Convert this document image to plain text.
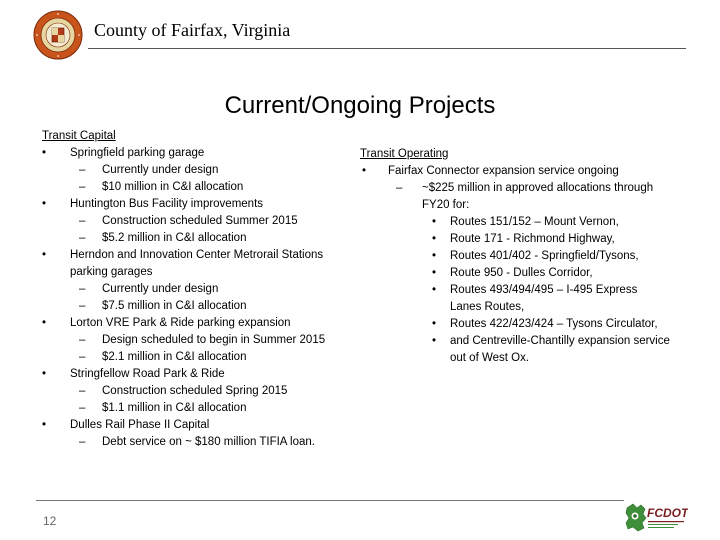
County of Fairfax, Virginia
Current/Ongoing Projects
Transit Capital
• Springfield parking garage
– Currently under design
– $10 million in C&I allocation
• Huntington Bus Facility improvements
– Construction scheduled Summer 2015
– $5.2 million in C&I allocation
• Herndon and Innovation Center Metrorail Stations parking garages
– Currently under design
– $7.5 million in C&I allocation
• Lorton VRE Park & Ride parking expansion
– Design scheduled to begin in Summer 2015
– $2.1 million in C&I allocation
• Stringfellow Road Park & Ride
– Construction scheduled Spring 2015
– $1.1 million in C&I allocation
• Dulles Rail Phase II Capital
– Debt service on ~ $180 million TIFIA loan.
Transit Operating
• Fairfax Connector expansion service ongoing
– ~$225 million in approved allocations through FY20 for:
• Routes 151/152 – Mount Vernon,
• Route 171 - Richmond Highway,
• Routes 401/402 - Springfield/Tysons,
• Route 950 - Dulles Corridor,
• Routes 493/494/495 – I-495 Express Lanes Routes,
• Routes 422/423/424 – Tysons Circulator,
• and Centreville-Chantilly expansion service out of West Ox.
12
FCDOT
